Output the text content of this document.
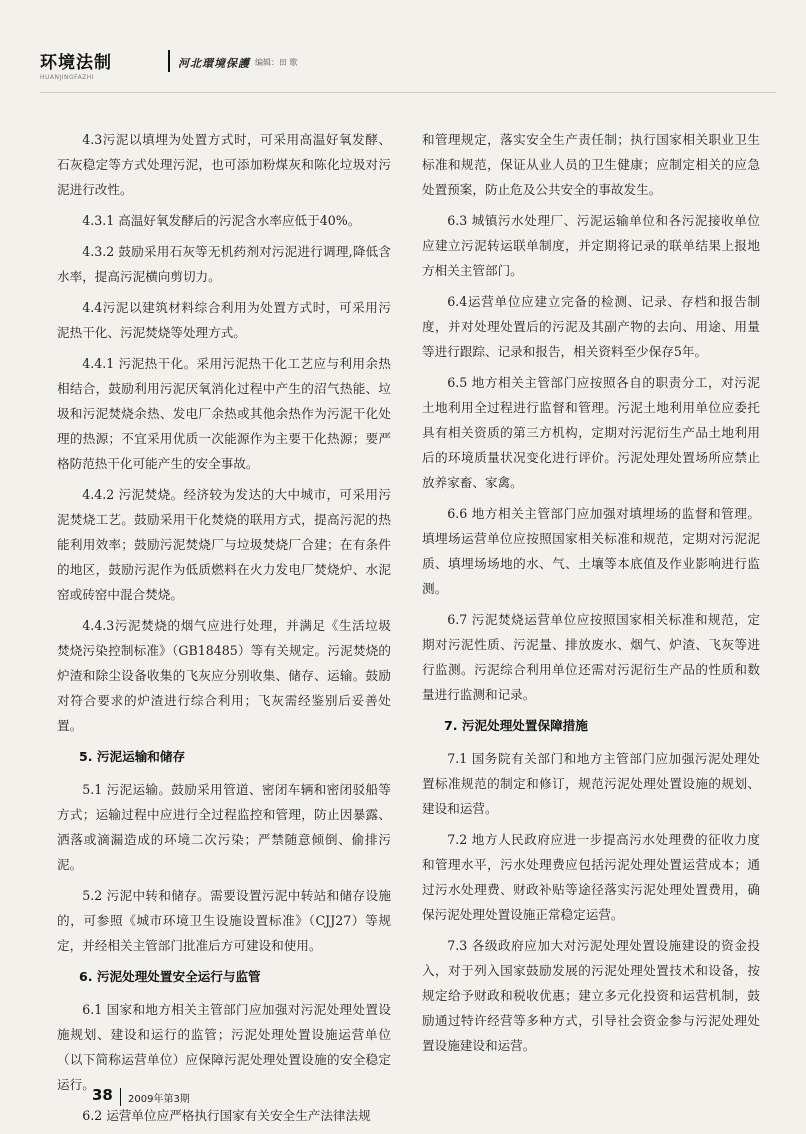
环境法制
HUANJINGFAZHI
河北環境保護 编辑：田 歌

4.3污泥以填埋为处置方式时，可采用高温好氧发酵、石灰稳定等方式处理污泥，也可添加粉煤灰和陈化垃圾对污泥进行改性。

4.3.1 高温好氧发酵后的污泥含水率应低于40%。

4.3.2 鼓励采用石灰等无机药剂对污泥进行调理,降低含水率，提高污泥横向剪切力。

4.4污泥以建筑材料综合利用为处置方式时，可采用污泥热干化、污泥焚烧等处理方式。

4.4.1 污泥热干化。采用污泥热干化工艺应与利用余热相结合，鼓励利用污泥厌氧消化过程中产生的沼气热能、垃圾和污泥焚烧余热、发电厂余热或其他余热作为污泥干化处理的热源；不宜采用优质一次能源作为主要干化热源；要严格防范热干化可能产生的安全事故。

4.4.2 污泥焚烧。经济较为发达的大中城市，可采用污泥焚烧工艺。鼓励采用干化焚烧的联用方式，提高污泥的热能利用效率；鼓励污泥焚烧厂与垃圾焚烧厂合建；在有条件的地区，鼓励污泥作为低质燃料在火力发电厂焚烧炉、水泥窑或砖窑中混合焚烧。

4.4.3污泥焚烧的烟气应进行处理，并满足《生活垃圾焚烧污染控制标准》（GB18485）等有关规定。污泥焚烧的炉渣和除尘设备收集的飞灰应分别收集、储存、运输。鼓励对符合要求的炉渣进行综合利用；飞灰需经鉴别后妥善处置。

5. 污泥运输和储存

5.1 污泥运输。鼓励采用管道、密闭车辆和密闭驳船等方式；运输过程中应进行全过程监控和管理，防止因暴露、洒落或滴漏造成的环境二次污染；严禁随意倾倒、偷排污泥。

5.2 污泥中转和储存。需要设置污泥中转站和储存设施的，可参照《城市环境卫生设施设置标准》（CJJ27）等规定，并经相关主管部门批准后方可建设和使用。

6. 污泥处理处置安全运行与监管

6.1 国家和地方相关主管部门应加强对污泥处理处置设施规划、建设和运行的监管；污泥处理处置设施运营单位（以下简称运营单位）应保障污泥处理处置设施的安全稳定运行。

6.2 运营单位应严格执行国家有关安全生产法律法规

和管理规定，落实安全生产责任制；执行国家相关职业卫生标准和规范，保证从业人员的卫生健康；应制定相关的应急处置预案，防止危及公共安全的事故发生。

6.3 城镇污水处理厂、污泥运输单位和各污泥接收单位应建立污泥转运联单制度，并定期将记录的联单结果上报地方相关主管部门。

6.4运营单位应建立完备的检测、记录、存档和报告制度，并对处理处置后的污泥及其副产物的去向、用途、用量等进行跟踪、记录和报告，相关资料至少保存5年。

6.5 地方相关主管部门应按照各自的职责分工，对污泥土地利用全过程进行监督和管理。污泥土地利用单位应委托具有相关资质的第三方机构，定期对污泥衍生产品土地利用后的环境质量状况变化进行评价。污泥处理处置场所应禁止放养家畜、家禽。

6.6 地方相关主管部门应加强对填埋场的监督和管理。填埋场运营单位应按照国家相关标准和规范，定期对污泥泥质、填埋场场地的水、气、土壤等本底值及作业影响进行监测。

6.7 污泥焚烧运营单位应按照国家相关标准和规范，定期对污泥性质、污泥量、排放废水、烟气、炉渣、飞灰等进行监测。污泥综合利用单位还需对污泥衍生产品的性质和数量进行监测和记录。

7. 污泥处理处置保障措施

7.1 国务院有关部门和地方主管部门应加强污泥处理处置标准规范的制定和修订，规范污泥处理处置设施的规划、建设和运营。

7.2 地方人民政府应进一步提高污水处理费的征收力度和管理水平，污水处理费应包括污泥处理处置运营成本；通过污水处理费、财政补贴等途径落实污泥处理处置费用，确保污泥处理处置设施正常稳定运营。

7.3 各级政府应加大对污泥处理处置设施建设的资金投入，对于列入国家鼓励发展的污泥处理处置技术和设备，按规定给予财政和税收优惠；建立多元化投资和运营机制，鼓励通过特许经营等多种方式，引导社会资金参与污泥处理处置设施建设和运营。

38 2009年第3期
